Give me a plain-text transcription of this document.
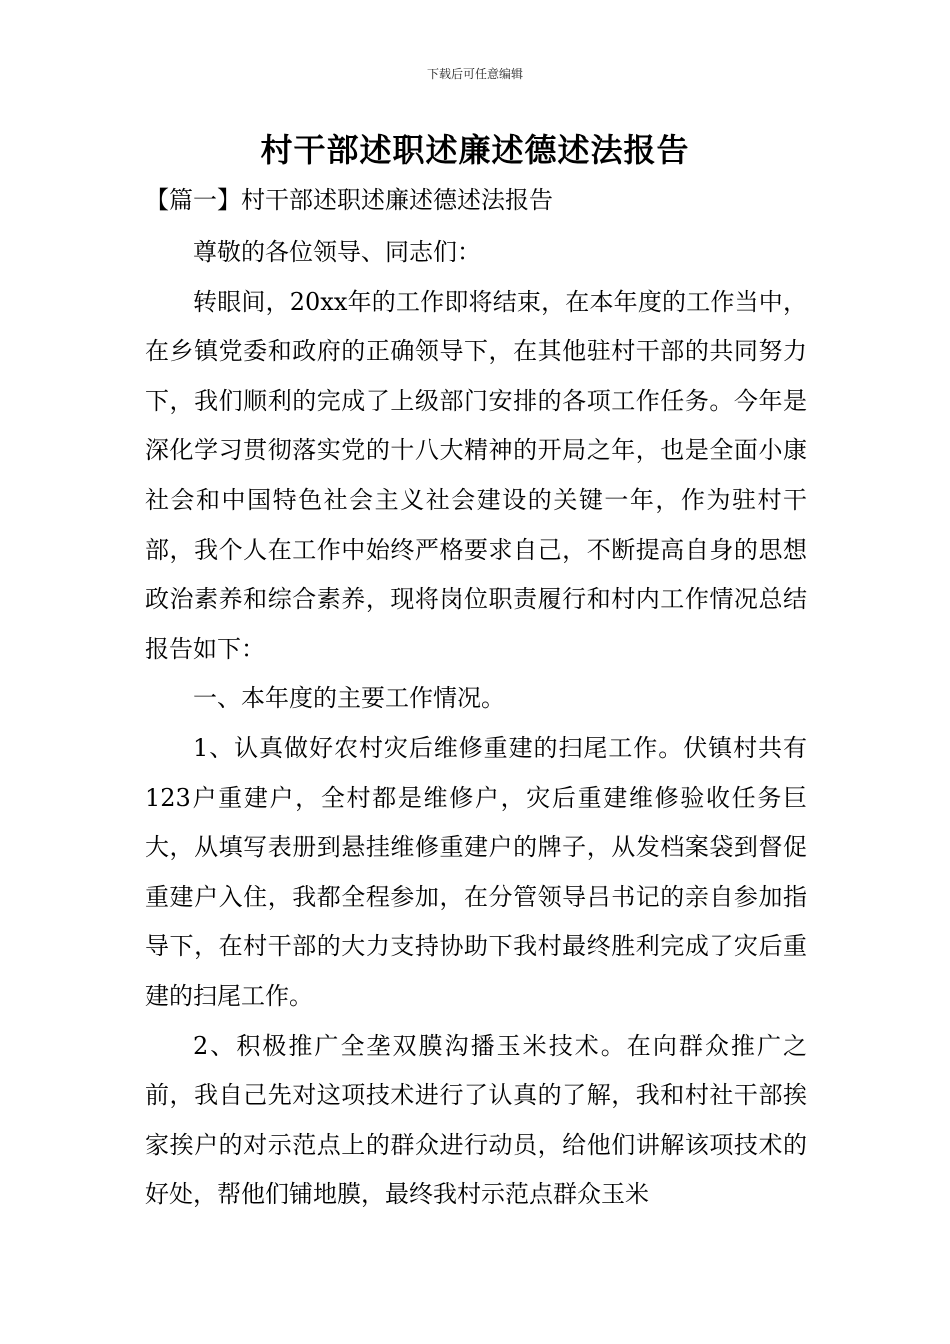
下载后可任意编辑
村干部述职述廉述德述法报告
【篇一】村干部述职述廉述德述法报告

尊敬的各位领导、同志们：

转眼间，20xx年的工作即将结束，在本年度的工作当中，在乡镇党委和政府的正确领导下，在其他驻村干部的共同努力下，我们顺利的完成了上级部门安排的各项工作任务。今年是深化学习贯彻落实党的十八大精神的开局之年，也是全面小康社会和中国特色社会主义社会建设的关键一年，作为驻村干部，我个人在工作中始终严格要求自己，不断提高自身的思想政治素养和综合素养，现将岗位职责履行和村内工作情况总结报告如下：

一、本年度的主要工作情况。

1、认真做好农村灾后维修重建的扫尾工作。伏镇村共有123户重建户，全村都是维修户，灾后重建维修验收任务巨大，从填写表册到悬挂维修重建户的牌子，从发档案袋到督促重建户入住，我都全程参加，在分管领导吕书记的亲自参加指导下，在村干部的大力支持协助下我村最终胜利完成了灾后重建的扫尾工作。

2、积极推广全垄双膜沟播玉米技术。在向群众推广之前，我自己先对这项技术进行了认真的了解，我和村社干部挨家挨户的对示范点上的群众进行动员，给他们讲解该项技术的好处，帮他们铺地膜，最终我村示范点群众玉米
